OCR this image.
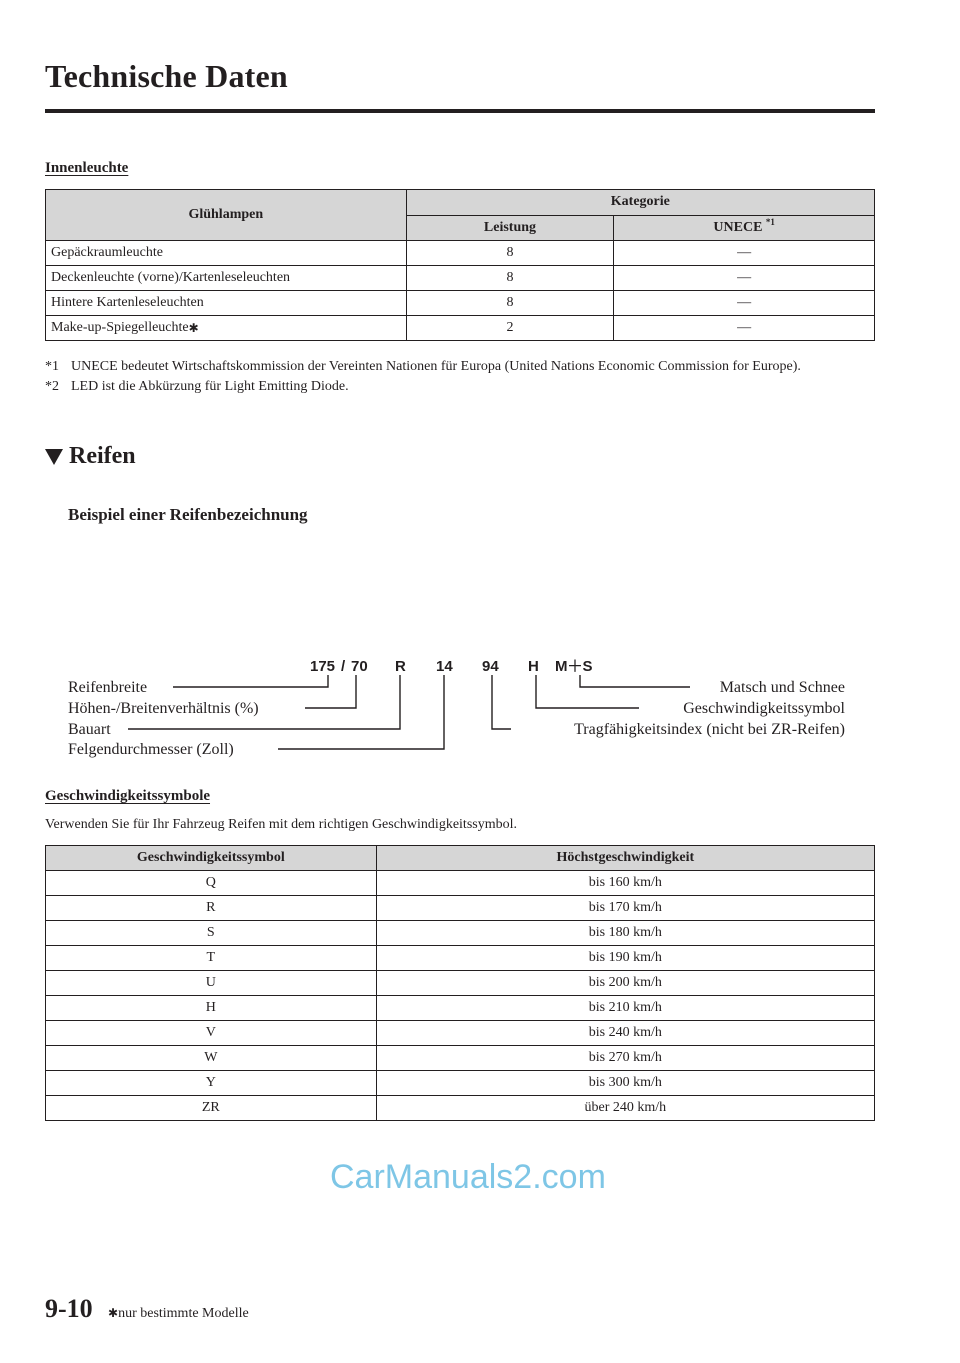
Technische Daten
Innenleuchte
Glühlampen	Kategorie	
	Leistung	UNECE $^{*1}$
Gepäckraumleuchte	8	—
Deckenleuchte (vorne)/Kartenleseleuchten	8	—
Hintere Kartenleseleuchten	8	—
Make-up-Spiegelleuchte✱	2	—
*1 UNECE bedeutet Wirtschaftskommission der Vereinten Nationen für Europa (United Nations Economic Commission for Europe).
*2 LED ist die Abkürzung für Light Emitting Diode.
Reifen
Beispiel einer Reifenbezeichnung
175 / 70 R 14 94 H M＋S
Reifenbreite
Höhen-/Breitenverhältnis (%)
Bauart
Felgendurchmesser (Zoll)
Matsch und Schnee
Geschwindigkeitssymbol
Tragfähigkeitsindex (nicht bei ZR-Reifen)
Geschwindigkeitssymbole
Verwenden Sie für Ihr Fahrzeug Reifen mit dem richtigen Geschwindigkeitssymbol.
Geschwindigkeitssymbol	Höchstgeschwindigkeit
Q	bis 160 km/h
R	bis 170 km/h
S	bis 180 km/h
T	bis 190 km/h
U	bis 200 km/h
H	bis 210 km/h
V	bis 240 km/h
W	bis 270 km/h
Y	bis 300 km/h
ZR	über 240 km/h
CarManuals2.com
9-10 ✱nur bestimmte Modelle
